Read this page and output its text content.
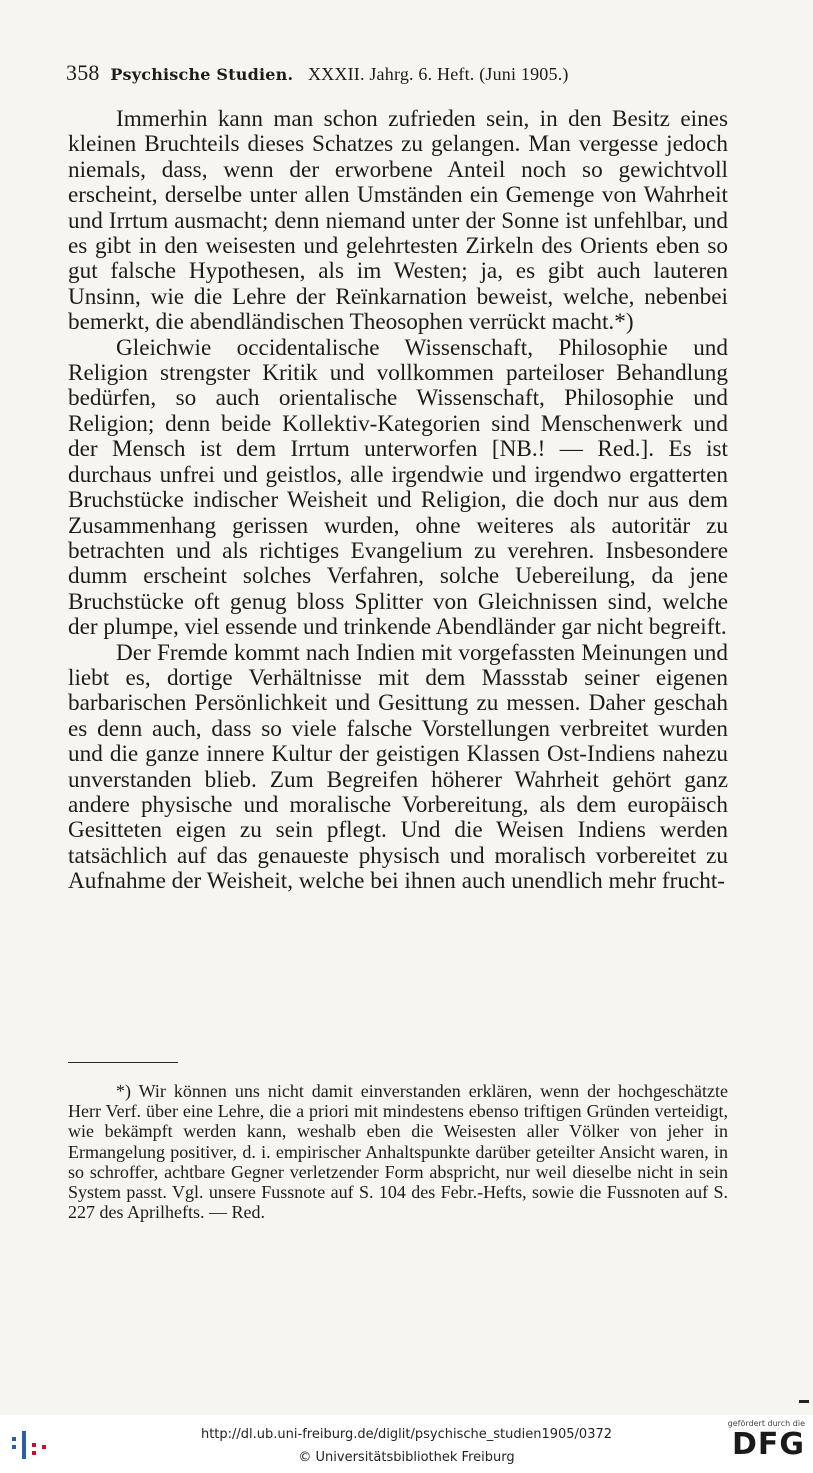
358 Psychische Studien. XXXII. Jahrg. 6. Heft. (Juni 1905.)

Immerhin kann man schon zufrieden sein, in den Besitz eines kleinen Bruchteils dieses Schatzes zu gelangen. Man vergesse jedoch niemals, dass, wenn der erworbene Anteil noch so gewichtvoll erscheint, derselbe unter allen Umständen ein Gemenge von Wahrheit und Irrtum ausmacht; denn niemand unter der Sonne ist unfehlbar, und es gibt in den weisesten und gelehrtesten Zirkeln des Orients eben so gut falsche Hypothesen, als im Westen; ja, es gibt auch lauteren Unsinn, wie die Lehre der Reïnkarnation beweist, welche, nebenbei bemerkt, die abendländischen Theosophen verrückt macht.*)

Gleichwie occidentalische Wissenschaft, Philosophie und Religion strengster Kritik und vollkommen parteiloser Behandlung bedürfen, so auch orientalische Wissenschaft, Philosophie und Religion; denn beide Kollektiv-Kategorien sind Menschenwerk und der Mensch ist dem Irrtum unterworfen [NB.! — Red.]. Es ist durchaus unfrei und geistlos, alle irgendwie und irgendwo ergatterten Bruchstücke indischer Weisheit und Religion, die doch nur aus dem Zusammenhang gerissen wurden, ohne weiteres als autoritär zu betrachten und als richtiges Evangelium zu verehren. Insbesondere dumm erscheint solches Verfahren, solche Uebereilung, da jene Bruchstücke oft genug bloss Splitter von Gleichnissen sind, welche der plumpe, viel essende und trinkende Abendländer gar nicht begreift.

Der Fremde kommt nach Indien mit vorgefassten Meinungen und liebt es, dortige Verhältnisse mit dem Massstab seiner eigenen barbarischen Persönlichkeit und Gesittung zu messen. Daher geschah es denn auch, dass so viele falsche Vorstellungen verbreitet wurden und die ganze innere Kultur der geistigen Klassen Ost-Indiens nahezu unverstanden blieb. Zum Begreifen höherer Wahrheit gehört ganz andere physische und moralische Vorbereitung, als dem europäisch Gesitteten eigen zu sein pflegt. Und die Weisen Indiens werden tatsächlich auf das genaueste physisch und moralisch vorbereitet zu Aufnahme der Weisheit, welche bei ihnen auch unendlich mehr frucht-

*) Wir können uns nicht damit einverstanden erklären, wenn der hochgeschätzte Herr Verf. über eine Lehre, die a priori mit mindestens ebenso triftigen Gründen verteidigt, wie bekämpft werden kann, weshalb eben die Weisesten aller Völker von jeher in Ermangelung positiver, d. i. empirischer Anhaltspunkte darüber geteilter Ansicht waren, in so schroffer, achtbare Gegner verletzender Form abspricht, nur weil dieselbe nicht in sein System passt. Vgl. unsere Fussnote auf S. 104 des Febr.-Hefts, sowie die Fussnoten auf S. 227 des Aprilhefts. — Red.

http://dl.ub.uni-freiburg.de/diglit/psychische_studien1905/0372
© Universitätsbibliothek Freiburg
gefördert durch die
DFG
